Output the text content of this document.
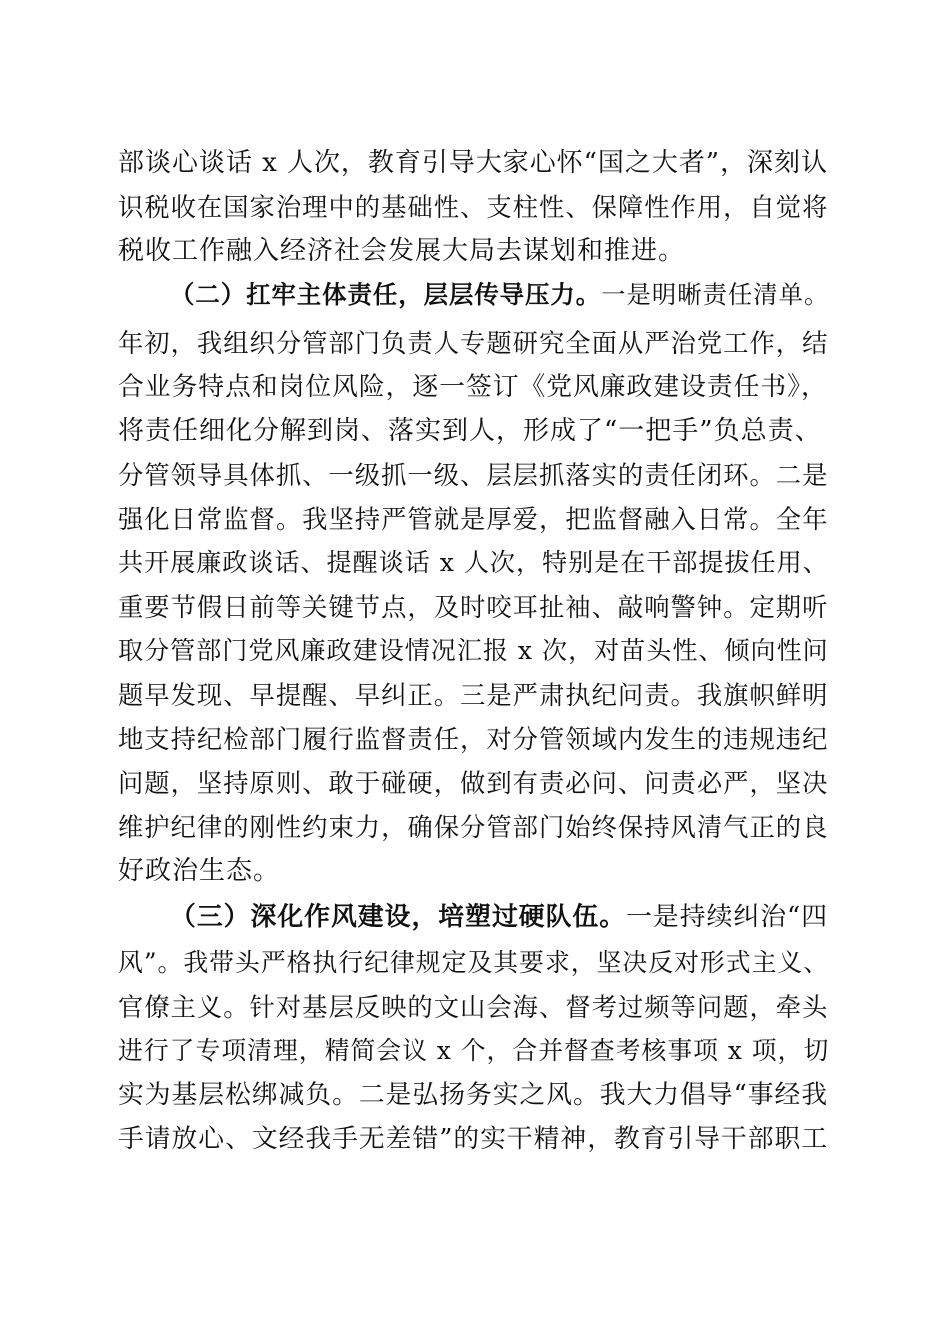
部谈心谈话 x 人次，教育引导大家心怀“国之大者”，深刻认
识税收在国家治理中的基础性、支柱性、保障性作用，自觉将
税收工作融入经济社会发展大局去谋划和推进。
（二）扛牢主体责任，层层传导压力。一是明晰责任清单。
年初，我组织分管部门负责人专题研究全面从严治党工作，结
合业务特点和岗位风险，逐一签订《党风廉政建设责任书》，
将责任细化分解到岗、落实到人，形成了“一把手”负总责、
分管领导具体抓、一级抓一级、层层抓落实的责任闭环。二是
强化日常监督。我坚持严管就是厚爱，把监督融入日常。全年
共开展廉政谈话、提醒谈话 x 人次，特别是在干部提拔任用、
重要节假日前等关键节点，及时咬耳扯袖、敲响警钟。定期听
取分管部门党风廉政建设情况汇报 x 次，对苗头性、倾向性问
题早发现、早提醒、早纠正。三是严肃执纪问责。我旗帜鲜明
地支持纪检部门履行监督责任，对分管领域内发生的违规违纪
问题，坚持原则、敢于碰硬，做到有责必问、问责必严，坚决
维护纪律的刚性约束力，确保分管部门始终保持风清气正的良
好政治生态。
（三）深化作风建设，培塑过硬队伍。一是持续纠治“四
风”。我带头严格执行纪律规定及其要求，坚决反对形式主义、
官僚主义。针对基层反映的文山会海、督考过频等问题，牵头
进行了专项清理，精简会议 x 个，合并督查考核事项 x 项，切
实为基层松绑减负。二是弘扬务实之风。我大力倡导“事经我
手请放心、文经我手无差错”的实干精神，教育引导干部职工
